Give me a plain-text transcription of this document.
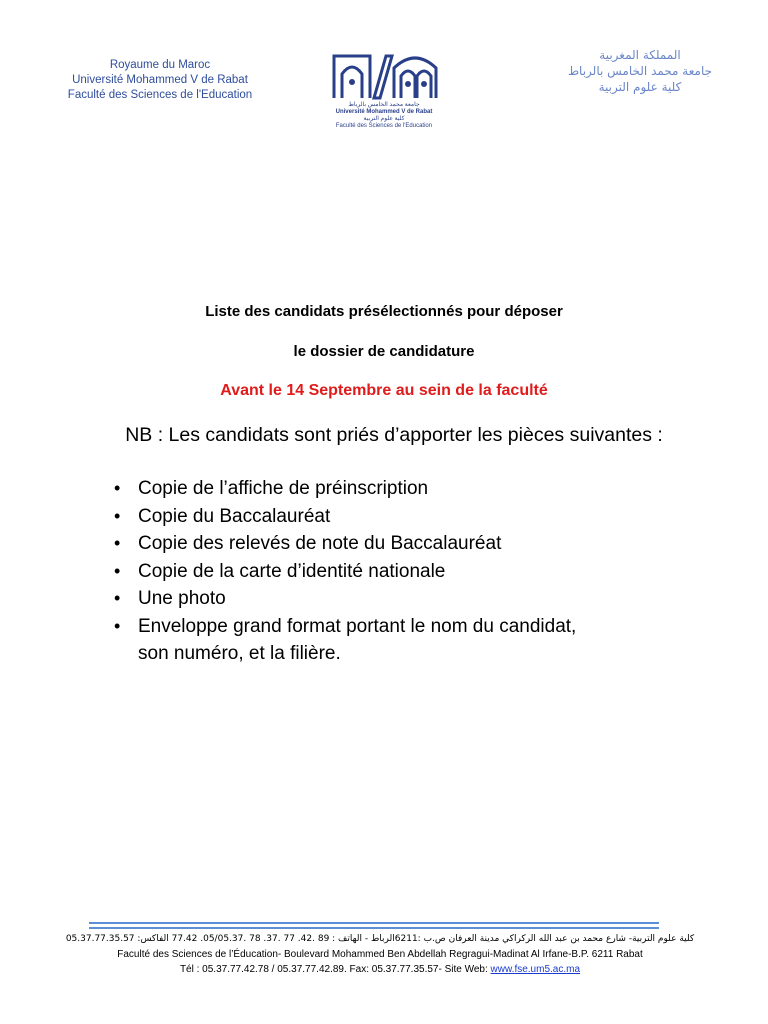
Royaume du Maroc
Université Mohammed V de Rabat
Faculté des Sciences de l'Education
جامعة محمد الخامس بالرباط
Université Mohammed V de Rabat
كلية علوم التربية
Faculté des Sciences de l'Education
المملكة المغربية
جامعة محمد الخامس بالرباط
كلية علوم التربية
Liste des candidats présélectionnés pour déposer
le dossier de candidature
Avant le 14 Septembre au sein de la faculté
NB : Les candidats sont priés d’apporter les pièces suivantes :
• Copie de l’affiche de préinscription
• Copie du Baccalauréat
• Copie des relevés de note du Baccalauréat
• Copie de la carte d’identité nationale
• Une photo
• Enveloppe grand format portant le nom du candidat,
son numéro, et la filière.
كلية علوم التربية- شارع محمد بن عبد الله الركراكي مدينة العرفان ص.ب :6211الرباط - الهاتف : 89 .42. 77 .37. 78 .05/05.37. 77.42 الفاكس: 05.37.77.35.57
Faculté des Sciences de l’Éducation- Boulevard Mohammed Ben Abdellah Regragui-Madinat Al Irfane-B.P. 6211 Rabat
Tél : 05.37.77.42.78 / 05.37.77.42.89. Fax: 05.37.77.35.57- Site Web: www.fse.um5.ac.ma
